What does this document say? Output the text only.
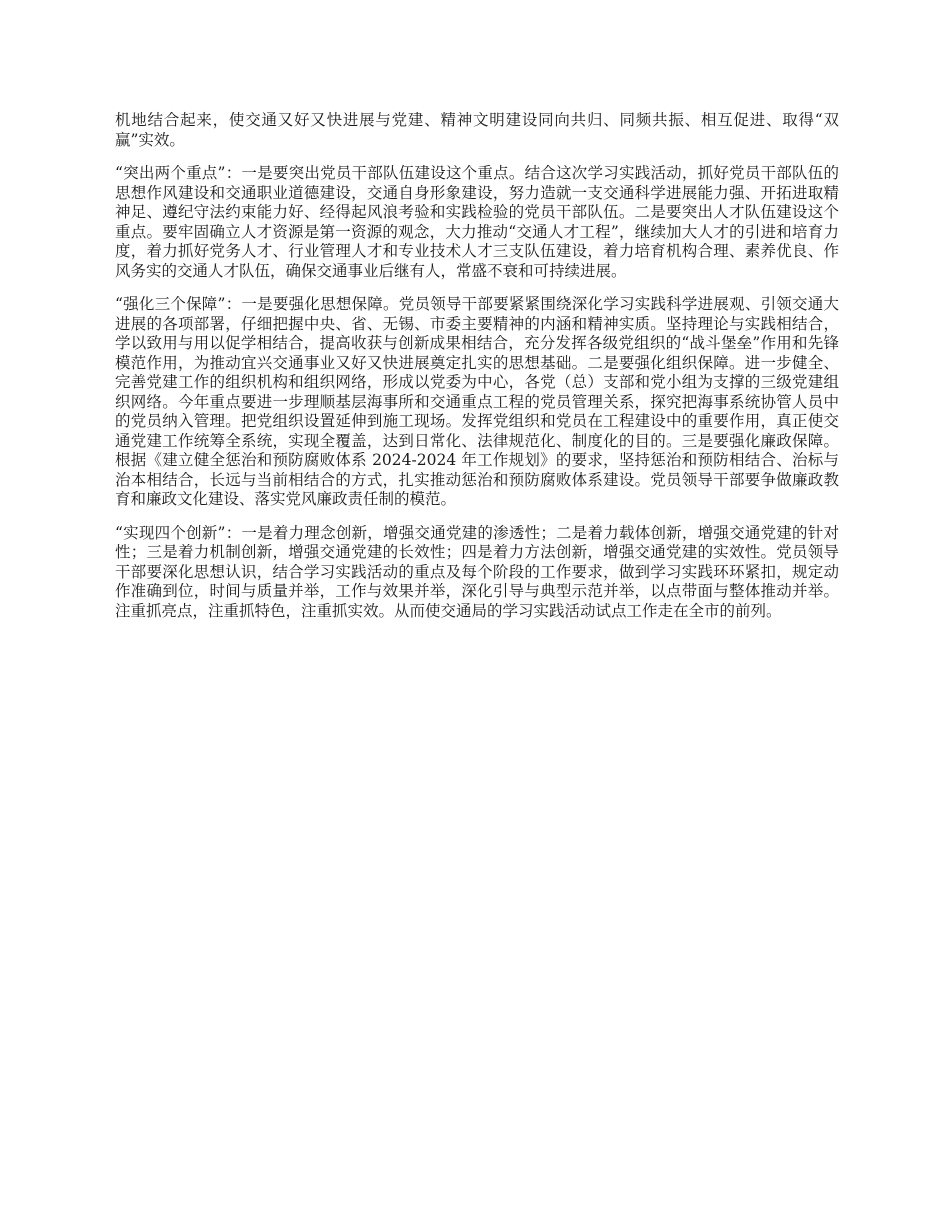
机地结合起来，使交通又好又快进展与党建、精神文明建设同向共归、同频共振、相互促进、取得“双赢”实效。

“突出两个重点”：一是要突出党员干部队伍建设这个重点。结合这次学习实践活动，抓好党员干部队伍的思想作风建设和交通职业道德建设，交通自身形象建设，努力造就一支交通科学进展能力强、开拓进取精神足、遵纪守法约束能力好、经得起风浪考验和实践检验的党员干部队伍。二是要突出人才队伍建设这个重点。要牢固确立人才资源是第一资源的观念，大力推动“交通人才工程”，继续加大人才的引进和培育力度，着力抓好党务人才、行业管理人才和专业技术人才三支队伍建设，着力培育机构合理、素养优良、作风务实的交通人才队伍，确保交通事业后继有人，常盛不衰和可持续进展。

“强化三个保障”：一是要强化思想保障。党员领导干部要紧紧围绕深化学习实践科学进展观、引领交通大进展的各项部署，仔细把握中央、省、无锡、市委主要精神的内涵和精神实质。坚持理论与实践相结合，学以致用与用以促学相结合，提高收获与创新成果相结合，充分发挥各级党组织的“战斗堡垒”作用和先锋模范作用，为推动宜兴交通事业又好又快进展奠定扎实的思想基础。二是要强化组织保障。进一步健全、完善党建工作的组织机构和组织网络，形成以党委为中心，各党（总）支部和党小组为支撑的三级党建组织网络。今年重点要进一步理顺基层海事所和交通重点工程的党员管理关系，探究把海事系统协管人员中的党员纳入管理。把党组织设置延伸到施工现场。发挥党组织和党员在工程建设中的重要作用，真正使交通党建工作统筹全系统，实现全覆盖，达到日常化、法律规范化、制度化的目的。三是要强化廉政保障。根据《建立健全惩治和预防腐败体系 2024-2024 年工作规划》的要求，坚持惩治和预防相结合、治标与治本相结合，长远与当前相结合的方式，扎实推动惩治和预防腐败体系建设。党员领导干部要争做廉政教育和廉政文化建设、落实党风廉政责任制的模范。

“实现四个创新”：一是着力理念创新，增强交通党建的渗透性；二是着力载体创新，增强交通党建的针对性；三是着力机制创新，增强交通党建的长效性；四是着力方法创新，增强交通党建的实效性。党员领导干部要深化思想认识，结合学习实践活动的重点及每个阶段的工作要求，做到学习实践环环紧扣，规定动作准确到位，时间与质量并举，工作与效果并举，深化引导与典型示范并举，以点带面与整体推动并举。注重抓亮点，注重抓特色，注重抓实效。从而使交通局的学习实践活动试点工作走在全市的前列。
